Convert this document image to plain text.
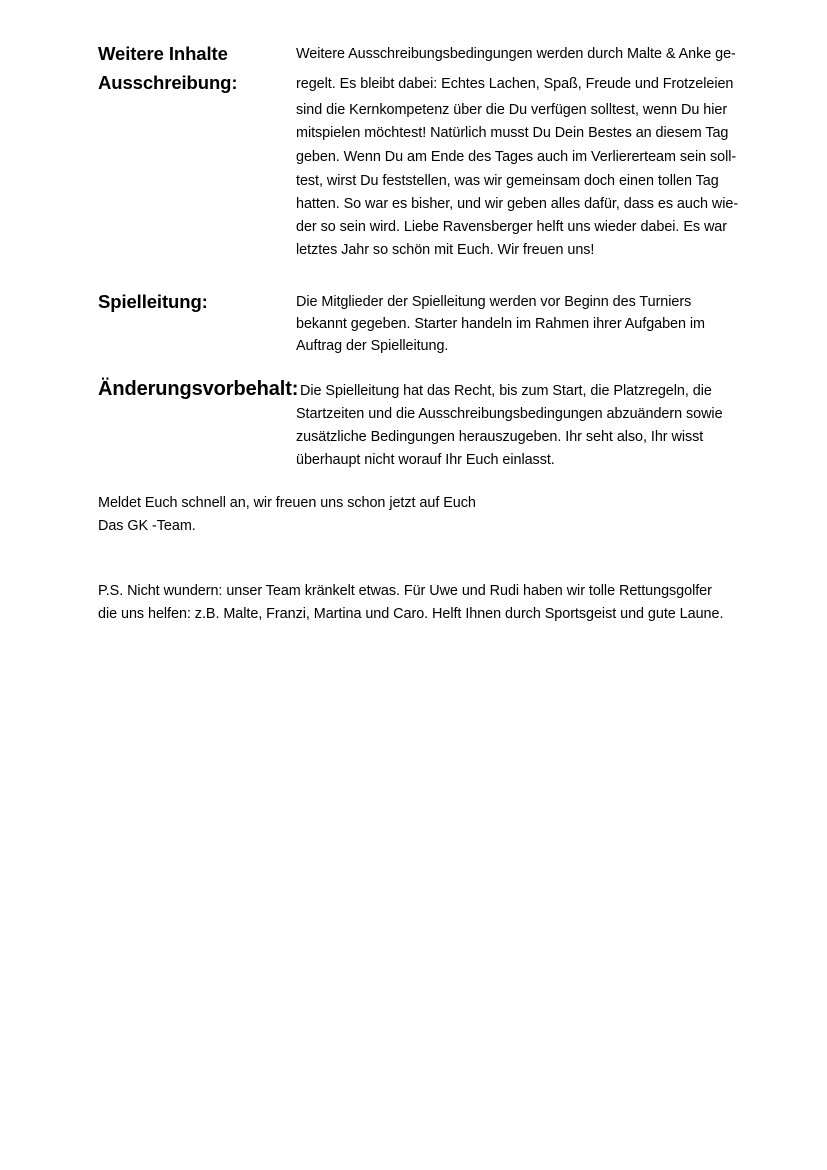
Weitere Inhalte
Ausschreibung:
Weitere Ausschreibungsbedingungen werden durch Malte & Anke ge-
regelt. Es bleibt dabei: Echtes Lachen, Spaß, Freude und Frotzeleien
sind die Kernkompetenz über die Du verfügen solltest, wenn Du hier
mitspielen möchtest! Natürlich musst Du Dein Bestes an diesem Tag
geben. Wenn Du am Ende des Tages auch im Verliererteam sein soll-
test, wirst Du feststellen, was wir gemeinsam doch einen tollen Tag
hatten. So war es bisher, und wir geben alles dafür, dass es auch wie-
der so sein wird. Liebe Ravensberger helft uns wieder dabei. Es war
letztes Jahr so schön mit Euch. Wir freuen uns!
Spielleitung:	Die Mitglieder der Spielleitung werden vor Beginn des Turniers
bekannt gegeben. Starter handeln im Rahmen ihrer Aufgaben im
Auftrag der Spielleitung.
Änderungsvorbehalt: Die Spielleitung hat das Recht, bis zum Start, die Platzregeln, die
Startzeiten und die Ausschreibungsbedingungen abzuändern sowie
zusätzliche Bedingungen herauszugeben. Ihr seht also, Ihr wisst
überhaupt nicht worauf Ihr Euch einlasst.
Meldet Euch schnell an, wir freuen uns schon jetzt auf Euch
Das GK -Team.
P.S. Nicht wundern: unser Team kränkelt etwas. Für Uwe und Rudi haben wir tolle Rettungsgolfer
die uns helfen: z.B. Malte, Franzi, Martina und Caro. Helft Ihnen durch Sportsgeist und gute Laune.
